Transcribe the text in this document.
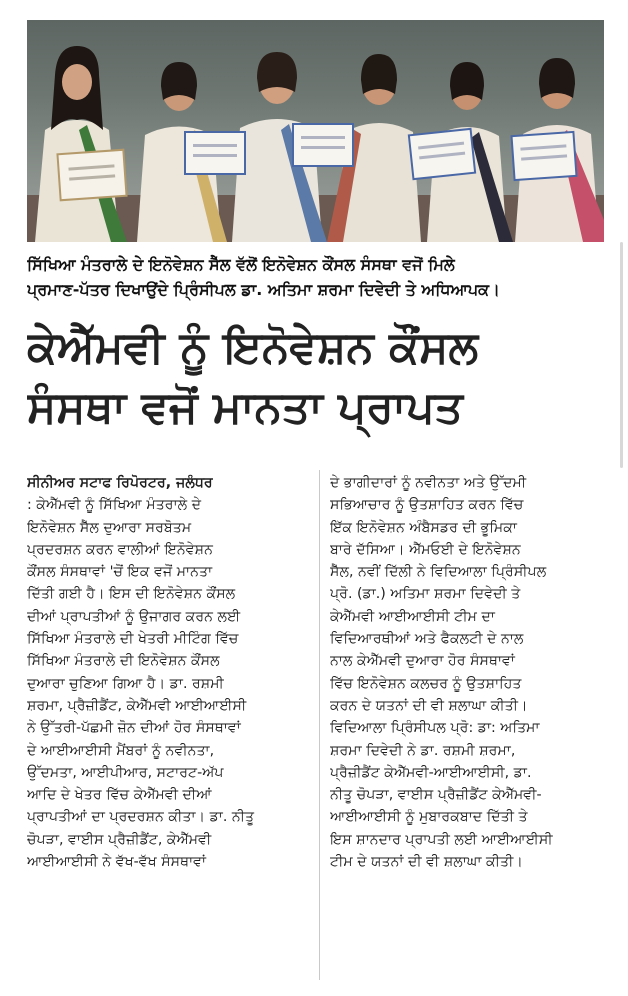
ਸਿੱਖਿਆ ਮੰਤਰਾਲੇ ਦੇ ਇਨੋਵੇਸ਼ਨ ਸੈੱਲ ਵੱਲੋਂ ਇਨੋਵੇਸ਼ਨ ਕੌਂਸਲ ਸੰਸਥਾ ਵਜੋਂ ਮਿਲੇ
ਪ੍ਰਮਾਣ-ਪੱਤਰ ਦਿਖਾਉਂਦੇ ਪ੍ਰਿੰਸੀਪਲ ਡਾ. ਅਤਿਮਾ ਸ਼ਰਮਾ ਦਿਵੇਦੀ ਤੇ ਅਧਿਆਪਕ।
ਕੇਐੱਮਵੀ ਨੂੰ ਇਨੋਵੇਸ਼ਨ ਕੌਂਸਲ
ਸੰਸਥਾ ਵਜੋਂ ਮਾਨਤਾ ਪ੍ਰਾਪਤ
ਸੀਨੀਅਰ ਸਟਾਫ ਰਿਪੋਰਟਰ, ਜਲੰਧਰ
: ਕੇਐੱਮਵੀ ਨੂੰ ਸਿੱਖਿਆ ਮੰਤਰਾਲੇ ਦੇ
ਇਨੋਵੇਸ਼ਨ ਸੈੱਲ ਦੁਆਰਾ ਸਰਬੋਤਮ
ਪ੍ਰਦਰਸ਼ਨ ਕਰਨ ਵਾਲੀਆਂ ਇਨੋਵੇਸ਼ਨ
ਕੌਂਸਲ ਸੰਸਥਾਵਾਂ 'ਚੋਂ ਇਕ ਵਜੋਂ ਮਾਨਤਾ
ਦਿੱਤੀ ਗਈ ਹੈ। ਇਸ ਦੀ ਇਨੋਵੇਸ਼ਨ ਕੌਂਸਲ
ਦੀਆਂ ਪ੍ਰਾਪਤੀਆਂ ਨੂੰ ਉਜਾਗਰ ਕਰਨ ਲਈ
ਸਿੱਖਿਆ ਮੰਤਰਾਲੇ ਦੀ ਖੇਤਰੀ ਮੀਟਿੰਗ ਵਿੱਚ
ਸਿੱਖਿਆ ਮੰਤਰਾਲੇ ਦੀ ਇਨੋਵੇਸ਼ਨ ਕੌਂਸਲ
ਦੁਆਰਾ ਚੁਣਿਆ ਗਿਆ ਹੈ। ਡਾ. ਰਸ਼ਮੀ
ਸ਼ਰਮਾ, ਪ੍ਰੈਜ਼ੀਡੈਂਟ, ਕੇਐੱਮਵੀ ਆਈਆਈਸੀ
ਨੇ ਉੱਤਰੀ-ਪੱਛਮੀ ਜ਼ੋਨ ਦੀਆਂ ਹੋਰ ਸੰਸਥਾਵਾਂ
ਦੇ ਆਈਆਈਸੀ ਮੈਂਬਰਾਂ ਨੂੰ ਨਵੀਨਤਾ,
ਉੱਦਮਤਾ, ਆਈਪੀਆਰ, ਸਟਾਰਟ-ਅੱਪ
ਆਦਿ ਦੇ ਖੇਤਰ ਵਿੱਚ ਕੇਐੱਮਵੀ ਦੀਆਂ
ਪ੍ਰਾਪਤੀਆਂ ਦਾ ਪ੍ਰਦਰਸ਼ਨ ਕੀਤਾ। ਡਾ. ਨੀਤੂ
ਚੋਪੜਾ, ਵਾਈਸ ਪ੍ਰੈਜ਼ੀਡੈਂਟ, ਕੇਐੱਮਵੀ
ਆਈਆਈਸੀ ਨੇ ਵੱਖ-ਵੱਖ ਸੰਸਥਾਵਾਂ
ਦੇ ਭਾਗੀਦਾਰਾਂ ਨੂੰ ਨਵੀਨਤਾ ਅਤੇ ਉੱਦਮੀ
ਸਭਿਆਚਾਰ ਨੂੰ ਉਤਸ਼ਾਹਿਤ ਕਰਨ ਵਿੱਚ
ਇੱਕ ਇਨੋਵੇਸ਼ਨ ਅੰਬੈਸਡਰ ਦੀ ਭੂਮਿਕਾ
ਬਾਰੇ ਦੱਸਿਆ। ਐੱਮਓਈ ਦੇ ਇਨੋਵੇਸ਼ਨ
ਸੈੱਲ, ਨਵੀਂ ਦਿੱਲੀ ਨੇ ਵਿਦਿਆਲਾ ਪ੍ਰਿੰਸੀਪਲ
ਪ੍ਰੋ. (ਡਾ.) ਅਤਿਮਾ ਸ਼ਰਮਾ ਦਿਵੇਦੀ ਤੇ
ਕੇਐੱਮਵੀ ਆਈਆਈਸੀ ਟੀਮ ਦਾ
ਵਿਦਿਆਰਥੀਆਂ ਅਤੇ ਫੈਕਲਟੀ ਦੇ ਨਾਲ
ਨਾਲ ਕੇਐੱਮਵੀ ਦੁਆਰਾ ਹੋਰ ਸੰਸਥਾਵਾਂ
ਵਿੱਚ ਇਨੋਵੇਸ਼ਨ ਕਲਚਰ ਨੂੰ ਉਤਸ਼ਾਹਿਤ
ਕਰਨ ਦੇ ਯਤਨਾਂ ਦੀ ਵੀ ਸ਼ਲਾਘਾ ਕੀਤੀ।
ਵਿਦਿਆਲਾ ਪ੍ਰਿੰਸੀਪਲ ਪ੍ਰੋ: ਡਾ: ਅਤਿਮਾ
ਸ਼ਰਮਾ ਦਿਵੇਦੀ ਨੇ ਡਾ. ਰਸ਼ਮੀ ਸ਼ਰਮਾ,
ਪ੍ਰੈਜ਼ੀਡੈਂਟ ਕੇਐੱਮਵੀ-ਆਈਆਈਸੀ, ਡਾ.
ਨੀਤੂ ਚੋਪੜਾ, ਵਾਈਸ ਪ੍ਰੈਜ਼ੀਡੈਂਟ ਕੇਐੱਮਵੀ-
ਆਈਆਈਸੀ ਨੂੰ ਮੁਬਾਰਕਬਾਦ ਦਿੱਤੀ ਤੇ
ਇਸ ਸ਼ਾਨਦਾਰ ਪ੍ਰਾਪਤੀ ਲਈ ਆਈਆਈਸੀ
ਟੀਮ ਦੇ ਯਤਨਾਂ ਦੀ ਵੀ ਸ਼ਲਾਘਾ ਕੀਤੀ।
